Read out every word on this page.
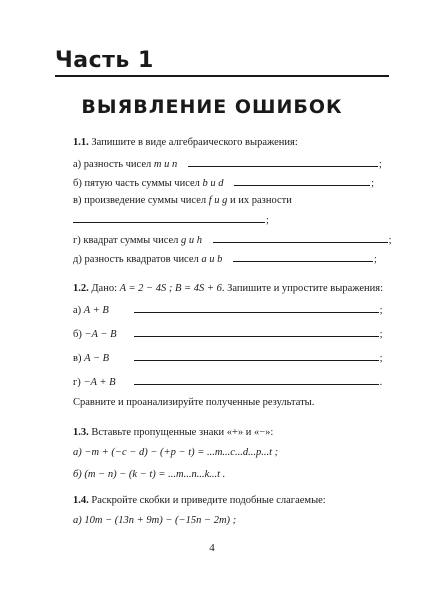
Часть 1
ВЫЯВЛЕНИЕ ОШИБОК
1.1. Запишите в виде алгебраического выражения:
а) разность чисел m и n	;
б) пятую часть суммы чисел b и d	;
в) произведение суммы чисел f и g и их разности
;
г) квадрат суммы чисел g и h	;
д) разность квадратов чисел a и b	;
1.2. Дано: A = 2 − 4S ; B = 4S + 6. Запишите и упростите выражения:
а) A + B	;
б) −A − B	;
в) A − B	;
г) −A + B	.
Сравните и проанализируйте полученные результаты.
1.3. Вставьте пропущенные знаки «+» и «−»:
а) −m + (−c − d) − (+p − t) = ...m...c...d...p...t ;
б) (m − n) − (k − t) = ...m...n...k...t .
1.4. Раскройте скобки и приведите подобные слагаемые:
а) 10m − (13n + 9m) − (−15n − 2m) ;
4
